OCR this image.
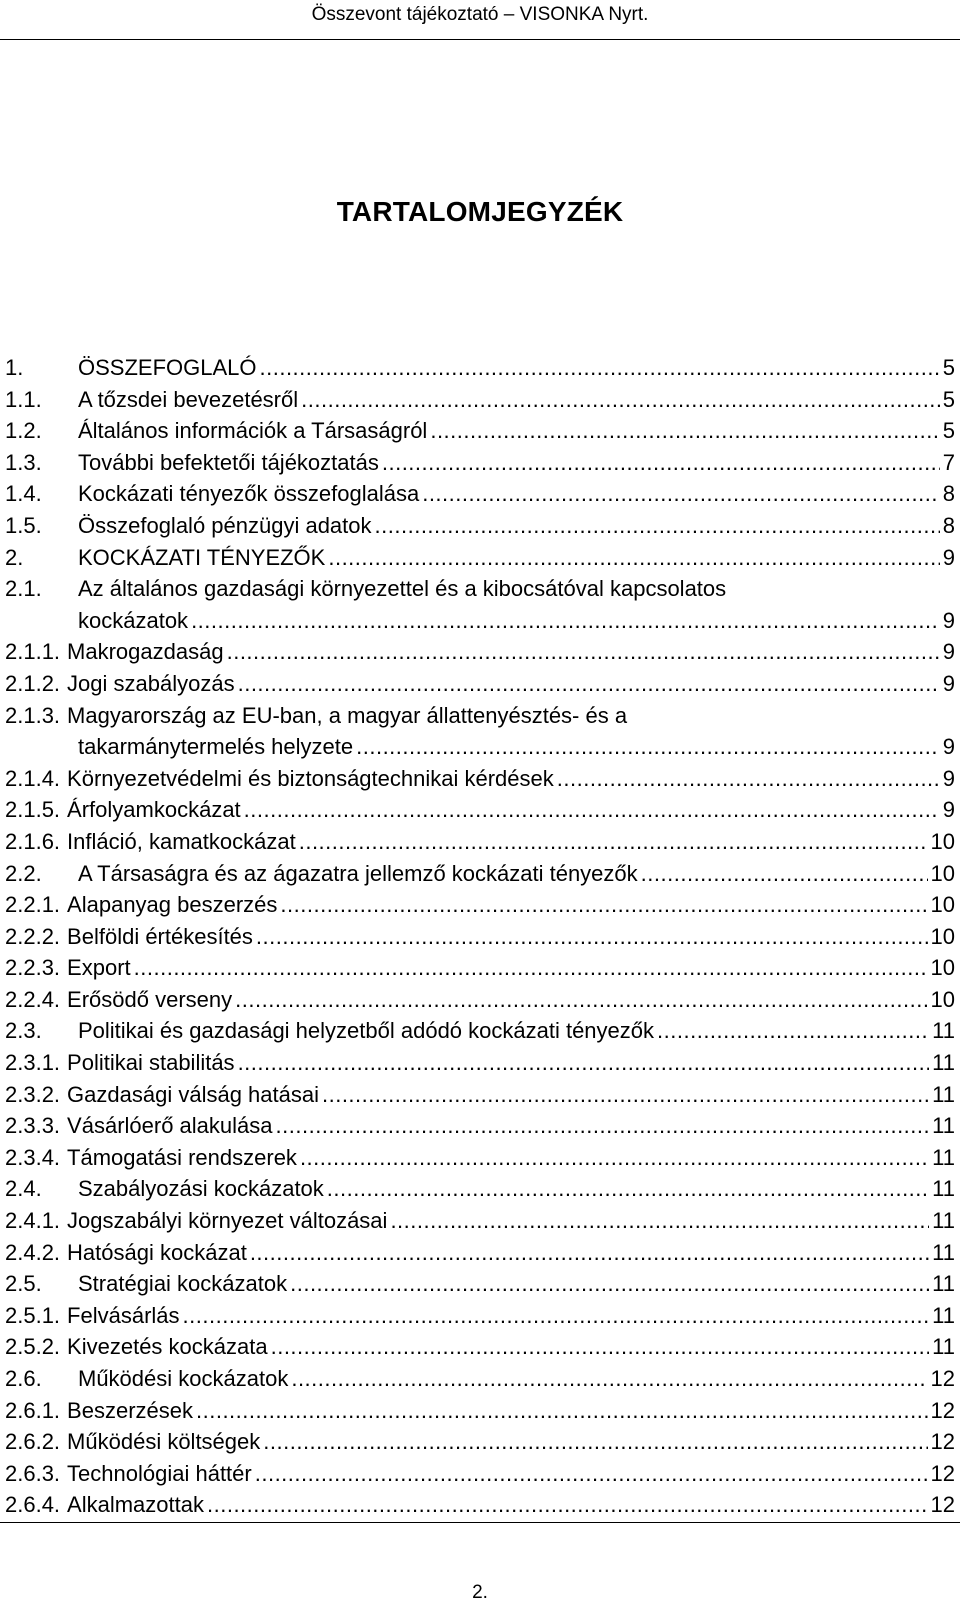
Összevont tájékoztató – VISONKA Nyrt.
TARTALOMJEGYZÉK
1.	ÖSSZEFOGLALÓ .....	5
1.1.	A tőzsdei bevezetésről .....	5
1.2.	Általános információk a Társaságról .....	5
1.3.	További befektetői tájékoztatás .....	7
1.4.	Kockázati tényezők összefoglalása .....	8
1.5.	Összefoglaló pénzügyi adatok .....	8
2.	KOCKÁZATI TÉNYEZŐK .....	9
2.1.	Az általános gazdasági környezettel és a kibocsátóval kapcsolatos
kockázatok .....	9
2.1.1. Makrogazdaság .....	9
2.1.2. Jogi szabályozás .....	9
2.1.3. Magyarország az EU-ban, a magyar állattenyésztés- és a
takarmánytermelés helyzete .....	9
2.1.4. Környezetvédelmi és biztonságtechnikai kérdések .....	9
2.1.5. Árfolyamkockázat .....	9
2.1.6. Infláció, kamatkockázat .....	10
2.2.	A Társaságra és az ágazatra jellemző kockázati tényezők .....	10
2.2.1. Alapanyag beszerzés .....	10
2.2.2. Belföldi értékesítés .....	10
2.2.3. Export .....	10
2.2.4. Erősödő verseny .....	10
2.3.	Politikai és gazdasági helyzetből adódó kockázati tényezők .....	11
2.3.1. Politikai stabilitás .....	11
2.3.2. Gazdasági válság hatásai .....	11
2.3.3. Vásárlóerő alakulása .....	11
2.3.4. Támogatási rendszerek .....	11
2.4.	Szabályozási kockázatok .....	11
2.4.1. Jogszabályi környezet változásai .....	11
2.4.2. Hatósági kockázat .....	11
2.5.	Stratégiai kockázatok .....	11
2.5.1. Felvásárlás .....	11
2.5.2. Kivezetés kockázata .....	11
2.6.	Működési kockázatok .....	12
2.6.1. Beszerzések .....	12
2.6.2. Működési költségek .....	12
2.6.3. Technológiai háttér .....	12
2.6.4. Alkalmazottak .....	12
2.
